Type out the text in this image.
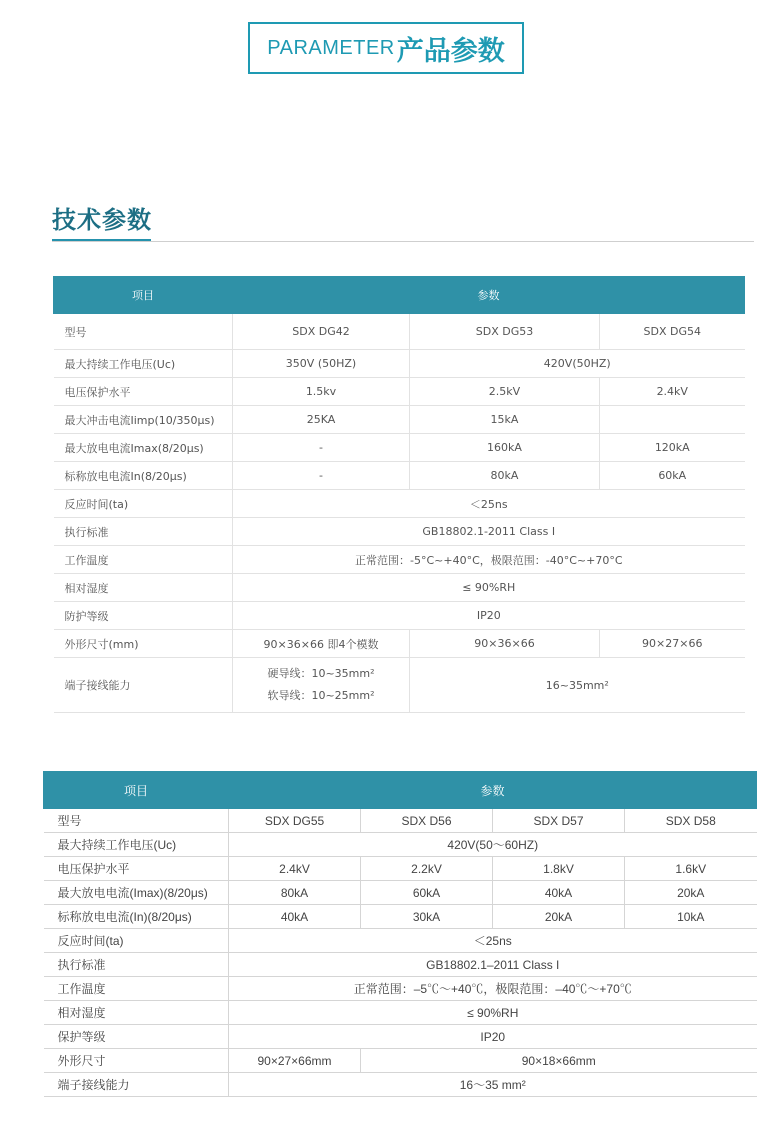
PARAMETER 产品参数
技术参数
项目	参数		
型号	SDX DG42	SDX DG53	SDX DG54
最大持续工作电压(Uc)	350V (50HZ)	420V(50HZ)	
电压保护水平	1.5kv	2.5kV	2.4kV
最大冲击电流Iimp(10/350μs)	25KA	15kA	
最大放电电流Imax(8/20μs)	-	160kA	120kA
标称放电电流In(8/20μs)	-	80kA	60kA
反应时间(ta)	＜25ns		
执行标准	GB18802.1-2011 Class I		
工作温度	正常范围：-5°C~+40°C，极限范围：-40°C~+70°C		
相对湿度	≤ 90%RH		
防护等级	IP20		
外形尺寸(mm)	90×36×66 即4个模数	90×36×66	90×27×66
端子接线能力	硬导线：10~35mm²
软导线：10~25mm²	16~35mm²	
项目	参数			
型号	SDX DG55	SDX D56	SDX D57	SDX D58
最大持续工作电压(Uc)	420V(50～60HZ)			
电压保护水平	2.4kV	2.2kV	1.8kV	1.6kV
最大放电电流(Imax)(8/20μs)	80kA	60kA	40kA	20kA
标称放电电流(In)(8/20μs)	40kA	30kA	20kA	10kA
反应时间(ta)	＜25ns			
执行标准	GB18802.1–2011 Class I			
工作温度	正常范围：–5℃～+40℃，极限范围：–40℃～+70℃			
相对湿度	≤ 90%RH			
保护等级	IP20			
外形尺寸	90×27×66mm	90×18×66mm		
端子接线能力	16～35 mm²			
